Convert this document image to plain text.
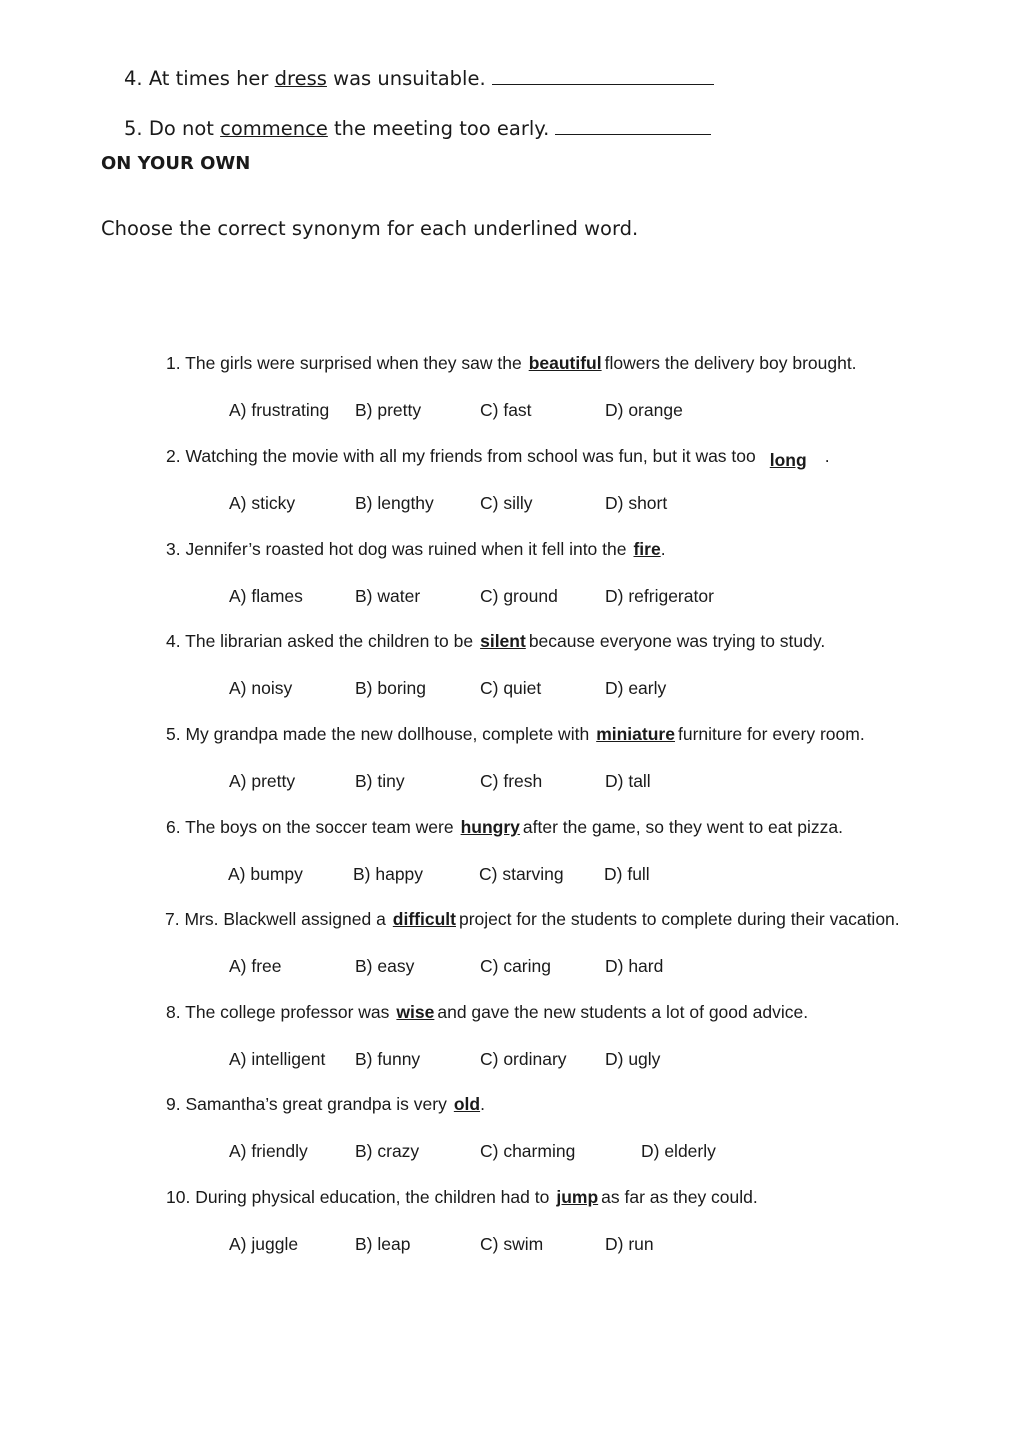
4. At times her dress was unsuitable.
5. Do not commence the meeting too early.
ON YOUR OWN
Choose the correct synonym for each underlined word.
1. The girls were surprised when they saw the beautiful flowers the delivery boy brought.
A) frustrating B) pretty	C) fast	D) orange
2. Watching the movie with all my friends from school was fun, but it was too long .
A) sticky	B) lengthy	C) silly	D) short
3. Jennifer’s roasted hot dog was ruined when it fell into the fire.
A) flames	B) water	C) ground	D) refrigerator
4. The librarian asked the children to be silent because everyone was trying to study.
A) noisy	B) boring	C) quiet	D) early
5. My grandpa made the new dollhouse, complete with miniature furniture for every room.
A) pretty	B) tiny	C) fresh	D) tall
6. The boys on the soccer team were hungry after the game, so they went to eat pizza.
A) bumpy	B) happy	C) starving D) full
7. Mrs. Blackwell assigned a difficult project for the students to complete during their vacation.
A) free	B) easy	C) caring	D) hard
8. The college professor was wise and gave the new students a lot of good advice.
A) intelligent B) funny	C) ordinary D) ugly
9. Samantha’s great grandpa is very old.
A) friendly	B) crazy	C) charming	D) elderly
10. During physical education, the children had to jump as far as they could.
A) juggle	B) leap	C) swim	D) run
